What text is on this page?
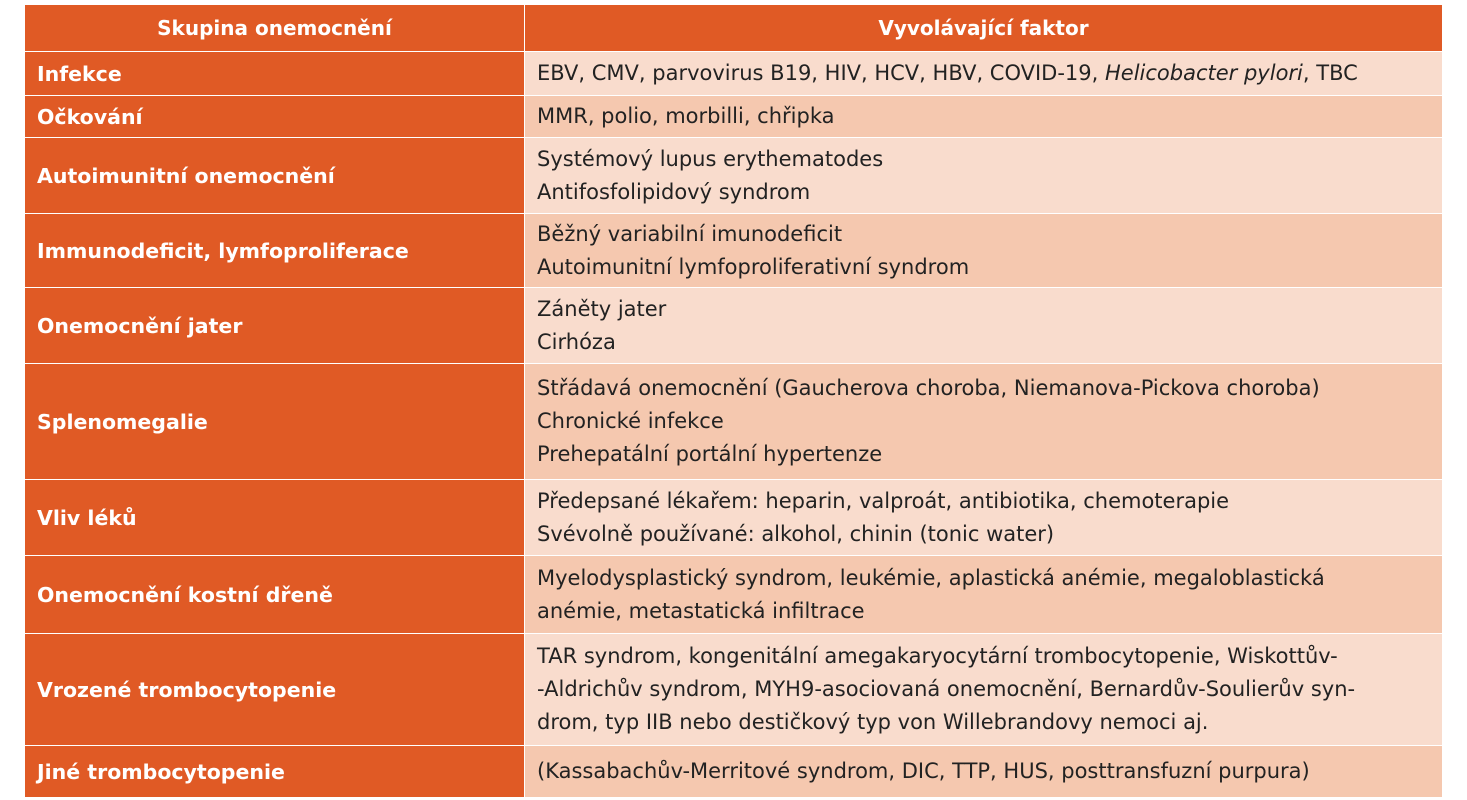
Skupina onemocnění	Vyvolávající faktor
Infekce	EBV, CMV, parvovirus B19, HIV, HCV, HBV, COVID-19, Helicobacter pylori, TBC
Očkování	MMR, polio, morbilli, chřipka

Autoimunitní onemocnění	Systémový lupus erythematodes
Antifosfolipidový syndrom

Immunodeficit, lymfoproliferace	Běžný variabilní imunodeficit
Autoimunitní lymfoproliferativní syndrom

Onemocnění jater	Záněty jater
Cirhóza

Splenomegalie	Střádavá onemocnění (Gaucherova choroba, Niemanova-Pickova choroba)
Chronické infekce
Prehepatální portální hypertenze

Vliv léků	Předepsané lékařem: heparin, valproát, antibiotika, chemoterapie
Svévolně používané: alkohol, chinin (tonic water)

Onemocnění kostní dřeně	Myelodysplastický syndrom, leukémie, aplastická anémie, megaloblastická
anémie, metastatická infiltrace

Vrozené trombocytopenie	TAR syndrom, kongenitální amegakaryocytární trombocytopenie, Wiskottův-
-Aldrichův syndrom, MYH9-asociovaná onemocnění, Bernardův-Soulierův syn-
drom, typ IIB nebo destičkový typ von Willebrandovy nemoci aj.

Jiné trombocytopenie	(Kassabachův-Merritové syndrom, DIC, TTP, HUS, posttransfuzní purpura)
